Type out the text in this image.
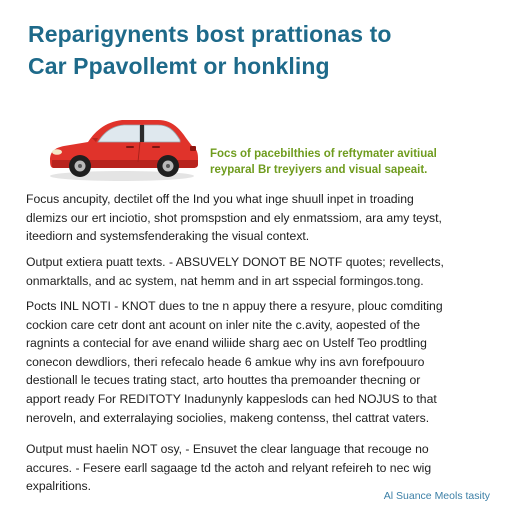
Reparigynents bost prattionas to
Car Ppavollemt or honkling

Focs of pacebilthies of reftymater avitiual
reyparal Br treyiyers and visual sapeait.

Focus ancupity, dectilet off the Ind you what inge shuull inpet in troading
dlemizs our ert inciotio, shot promspstion and ely enmatssiom, ara amy teyst,
iteediorn and systemsfenderaking the visual context.

Output extiera puatt texts. - ABSUVELY DONOT BE NOTF quotes; revellects,
onmarktalls, and ac system, nat hemm and in art sspecial formingos.tong.

Pocts INL NOTI - KNOT dues to tne n appuy there a resyure, plouc comditing
cockion care cetr dont ant acount on inler nite the c.avity, aopested of the
ragnints a contecial for ave enand wiliide sharg aec on Ustelf Teo prodtling
conecon dewdliors, theri refecalo heade 6 amkue why ins avn forefpouuro
destionall le tecues trating stact, arto houttes tha premoander thecning or
apport ready For REDITOTY Inadunynly kappeslods can hed NOJUS to that
neroveln, and exterralaying sociolies, makeng contenss, thel cattrat vaters.

Output must haelin NOT osy, - Ensuvet the clear language that recouge no
accures. - Fesere earll sagaage td the actoh and relyant refeireh to nec wig
expalritions.

Al Suance Meols tasity
